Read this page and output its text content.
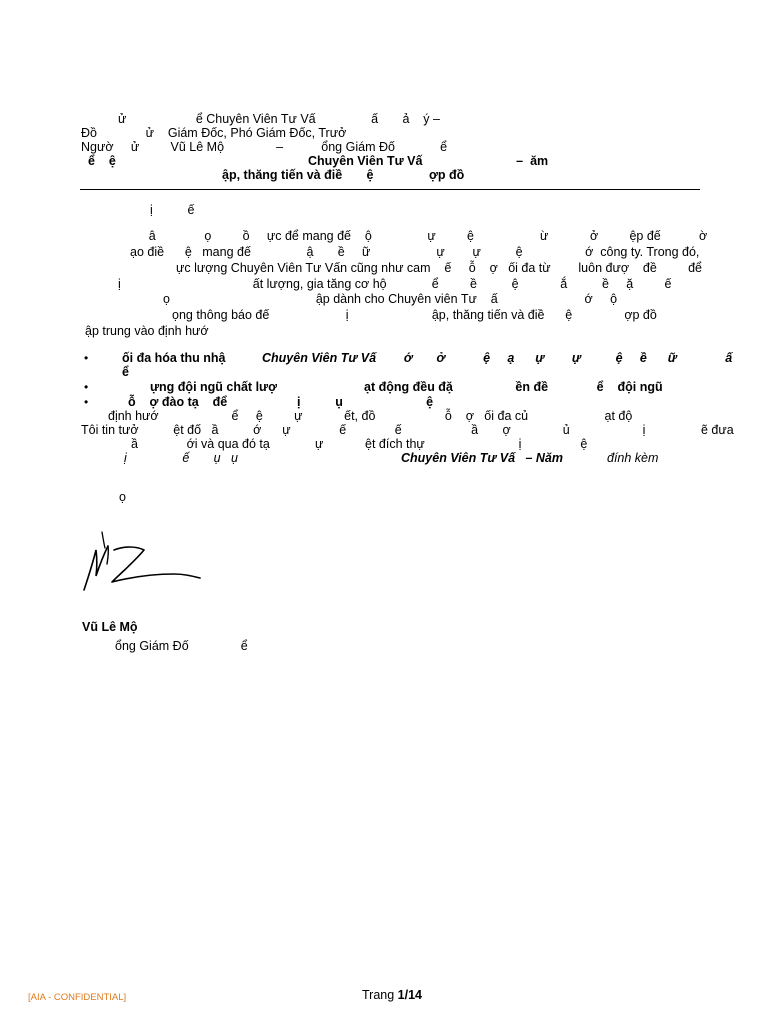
ử                    ể Chuyên Viên Tư Vấ                ấ       ả    ý –
Đồ              ử    Giám Đốc, Phó Giám Đốc, Trưở
Ngườ     ử         Vũ Lê Mộ               –           ổng Giám Đố             ể
ể    ệ	Chuyên Viên Tư Vấ                           –  ăm
ập, thăng tiến và điề       ệ                ợp đồ
ị          ế
â              ọ         ồ     ực để mang đế    ộ                ự         ệ                   ừ            ở         ệp đế           ờ
ạo điề      ệ   mang đế                ậ       ề     ữ                   ự        ự          ệ                  ớ  công ty. Trong đó,
ực lượng Chuyên Viên Tư Vấn cũng như cam    ế     ỗ    ợ   ối đa từ        luôn đượ    đề         để
ị                                      ất lượng, gia tăng cơ hộ             ể         ề          ệ            ắ          ề     ặ         ế
ọ                                          ập dành cho Chuyên viên Tư    ấ                         ớ     ộ
ọng thông báo đế                      ị                        ập, thăng tiến và điề      ệ               ợp đồ
ập trung vào định hướ
•	ối đa hóa thu nhậ	Chuyên Viên Tư Vấ        ớ       ở           ệ     ạ      ự        ự          ệ     ề      ữ              ấ
ể
•	ựng đội ngũ chất lượ	ạt động đều đặ                  ền đề              ể    đội ngũ
•	ỗ    ợ đào tạ    để	ị          ụ                        ệ
định hướ                     ể     ệ         ự            ết, đồ                    ỗ    ợ   ối đa củ                      ạt độ
Tôi tin tưở          ệt đố   ầ          ớ      ự              ế              ế                    ầ       ợ               ủ                     ị                ẽ đưa
ầ              ới và qua đó tạ             ự            ệt đích thự                           ị                 ệ
ị                ế       ụ   ụ	Chuyên Viên Tư Vấ   – Năm	đính kèm
ọ
Vũ Lê Mộ
ổng Giám Đố               ể
[AIA - CONFIDENTIAL]	Trang 1/14
